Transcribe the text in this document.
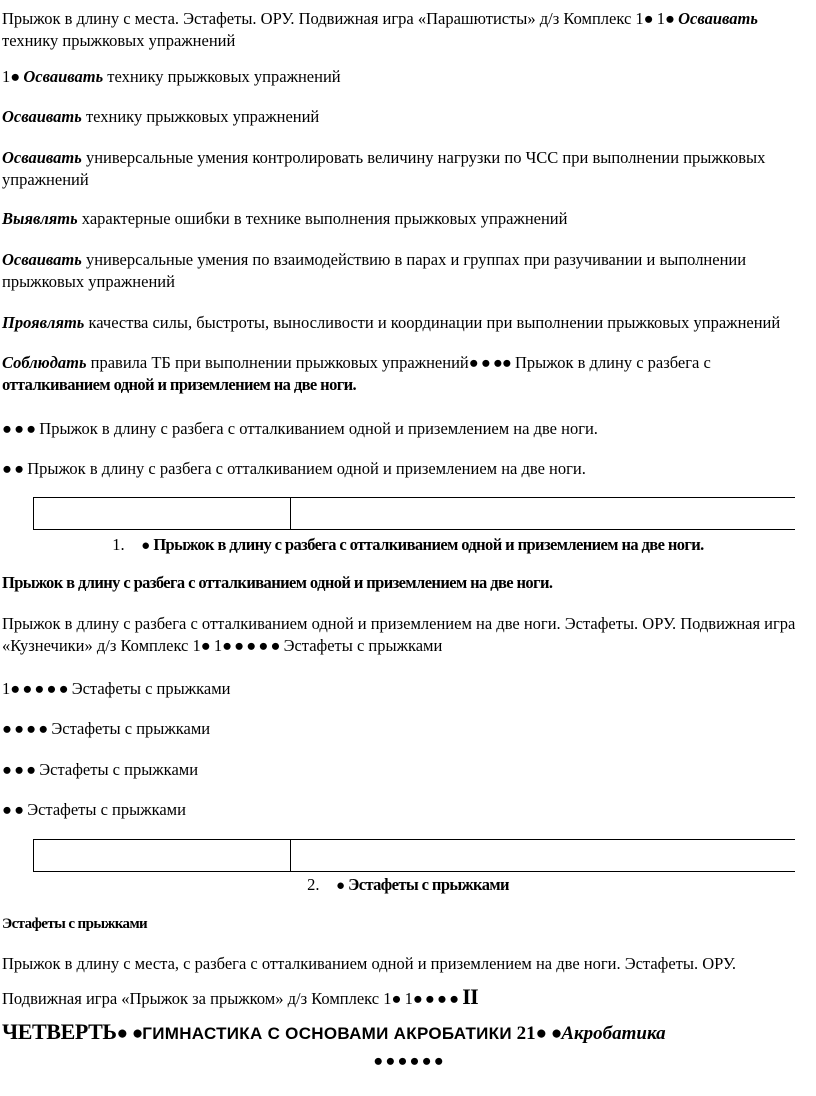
Прыжок в длину с места. Эстафеты. ОРУ. Подвижная игра «Парашютисты» д/з Комплекс 1● 1● Осваивать
технику прыжковых упражнений

1● Осваивать технику прыжковых упражнений

Осваивать технику прыжковых упражнений

Осваивать универсальные умения контролировать величину нагрузки по ЧСС при выполнении прыжковых упражнений

Выявлять характерные ошибки в технике выполнения прыжковых упражнений

Осваивать универсальные умения по взаимодействию в парах и группах при разучивании и выполнении прыжковых упражнений

Проявлять качества силы, быстроты, выносливости и координации при выполнении прыжковых упражнений

Соблюдать правила ТБ при выполнении прыжковых упражнений● ● ●● Прыжок в длину с разбега с
отталкиванием одной и приземлением на две ноги.

● ● ● Прыжок в длину с разбега с отталкиванием одной и приземлением на две ноги.

● ● Прыжок в длину с разбега с отталкиванием одной и приземлением на две ноги.

1. ● Прыжок в длину с разбега с отталкиванием одной и приземлением на две ноги.

Прыжок в длину с разбега с отталкиванием одной и приземлением на две ноги.

Прыжок в длину с разбега с отталкиванием одной и приземлением на две ноги. Эстафеты. ОРУ. Подвижная игра «Кузнечики» д/з Комплекс 1● 1● ● ● ● ● Эстафеты с прыжками

1● ● ● ● ● Эстафеты с прыжками

● ● ● ● Эстафеты с прыжками

● ● ● Эстафеты с прыжками

● ● Эстафеты с прыжками

2. ● Эстафеты с прыжками

Эстафеты с прыжками

Прыжок в длину с места, с разбега с отталкиванием одной и приземлением на две ноги. Эстафеты. ОРУ.

Подвижная игра «Прыжок за прыжком» д/з Комплекс 1● 1● ● ● ● II

ЧЕТВЕРТЬ● ●ГИМНАСТИКА С ОСНОВАМИ АКРОБАТИКИ 21● ●Акробатика
● ● ● ● ● ●
